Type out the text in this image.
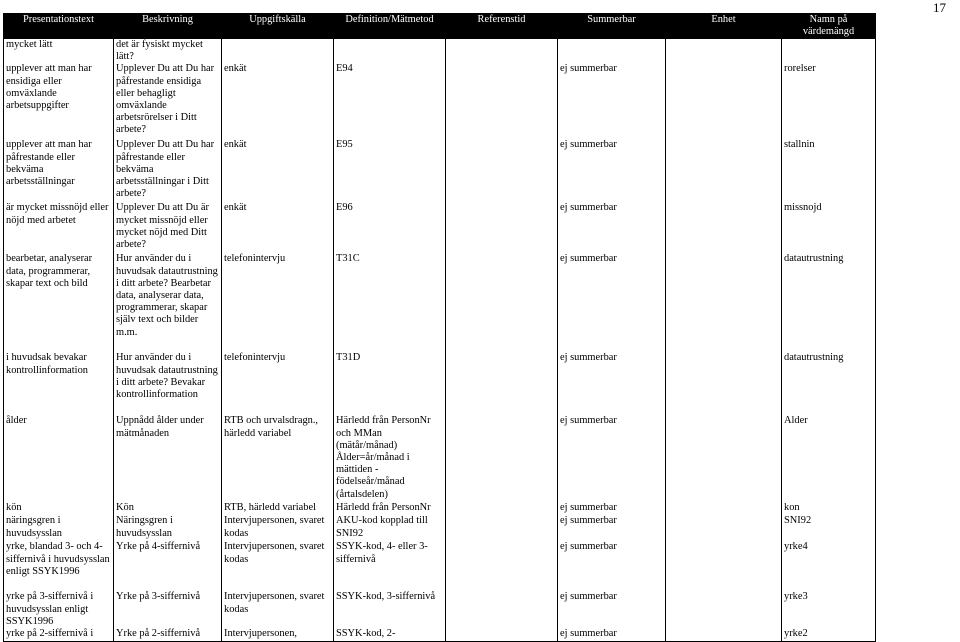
17
Presentationstext	Beskrivning	Uppgiftskälla	Definition/Mätmetod	Referenstid	Summerbar	Enhet	Namn på värdemängd
mycket lätt	det är fysiskt mycket lätt?						
upplever att man har ensidiga eller omväxlande arbetsuppgifter	Upplever Du att Du har påfrestande ensidiga eller behagligt omväxlande arbetsrörelser i Ditt arbete?	enkät	E94		ej summerbar		rorelser
upplever att man har påfrestande eller bekväma arbetsställningar	Upplever Du att Du har påfrestande eller bekväma arbetsställningar i Ditt arbete?	enkät	E95		ej summerbar		stallnin
är mycket missnöjd eller nöjd med arbetet	Upplever Du att Du är mycket missnöjd eller mycket nöjd med Ditt arbete?	enkät	E96		ej summerbar		missnojd
bearbetar, analyserar data, programmerar, skapar text och bild	Hur använder du i huvudsak datautrustning i ditt arbete? Bearbetar data, analyserar data, programmerar, skapar själv text och bilder m.m.	telefonintervju	T31C		ej summerbar		datautrustning
i huvudsak bevakar kontrollinformation	Hur använder du i huvudsak datautrustning i ditt arbete? Bevakar kontrollinformation	telefonintervju	T31D		ej summerbar		datautrustning
ålder	Uppnådd ålder under mätmånaden	RTB och urvalsdragn., härledd variabel	Härledd från PersonNr och MMan (mätår/månad) Ålder=år/månad i mättiden - födelseår/månad (årtalsdelen)		ej summerbar		Alder
kön	Kön	RTB, härledd variabel	Härledd från PersonNr		ej summerbar		kon
näringsgren i huvudsysslan	Näringsgren i huvudsysslan	Intervjupersonen, svaret kodas	AKU-kod kopplad till SNI92		ej summerbar		SNI92
yrke, blandad 3- och 4-siffernivå i huvudsysslan enligt SSYK1996	Yrke på 4-siffernivå	Intervjupersonen, svaret kodas	SSYK-kod, 4- eller 3-siffernivå		ej summerbar		yrke4
yrke på 3-siffernivå i huvudsysslan enligt SSYK1996	Yrke på 3-siffernivå	Intervjupersonen, svaret kodas	SSYK-kod, 3-siffernivå		ej summerbar		yrke3
yrke på 2-siffernivå i	Yrke på 2-siffernivå	Intervjupersonen,	SSYK-kod, 2-		ej summerbar		yrke2
